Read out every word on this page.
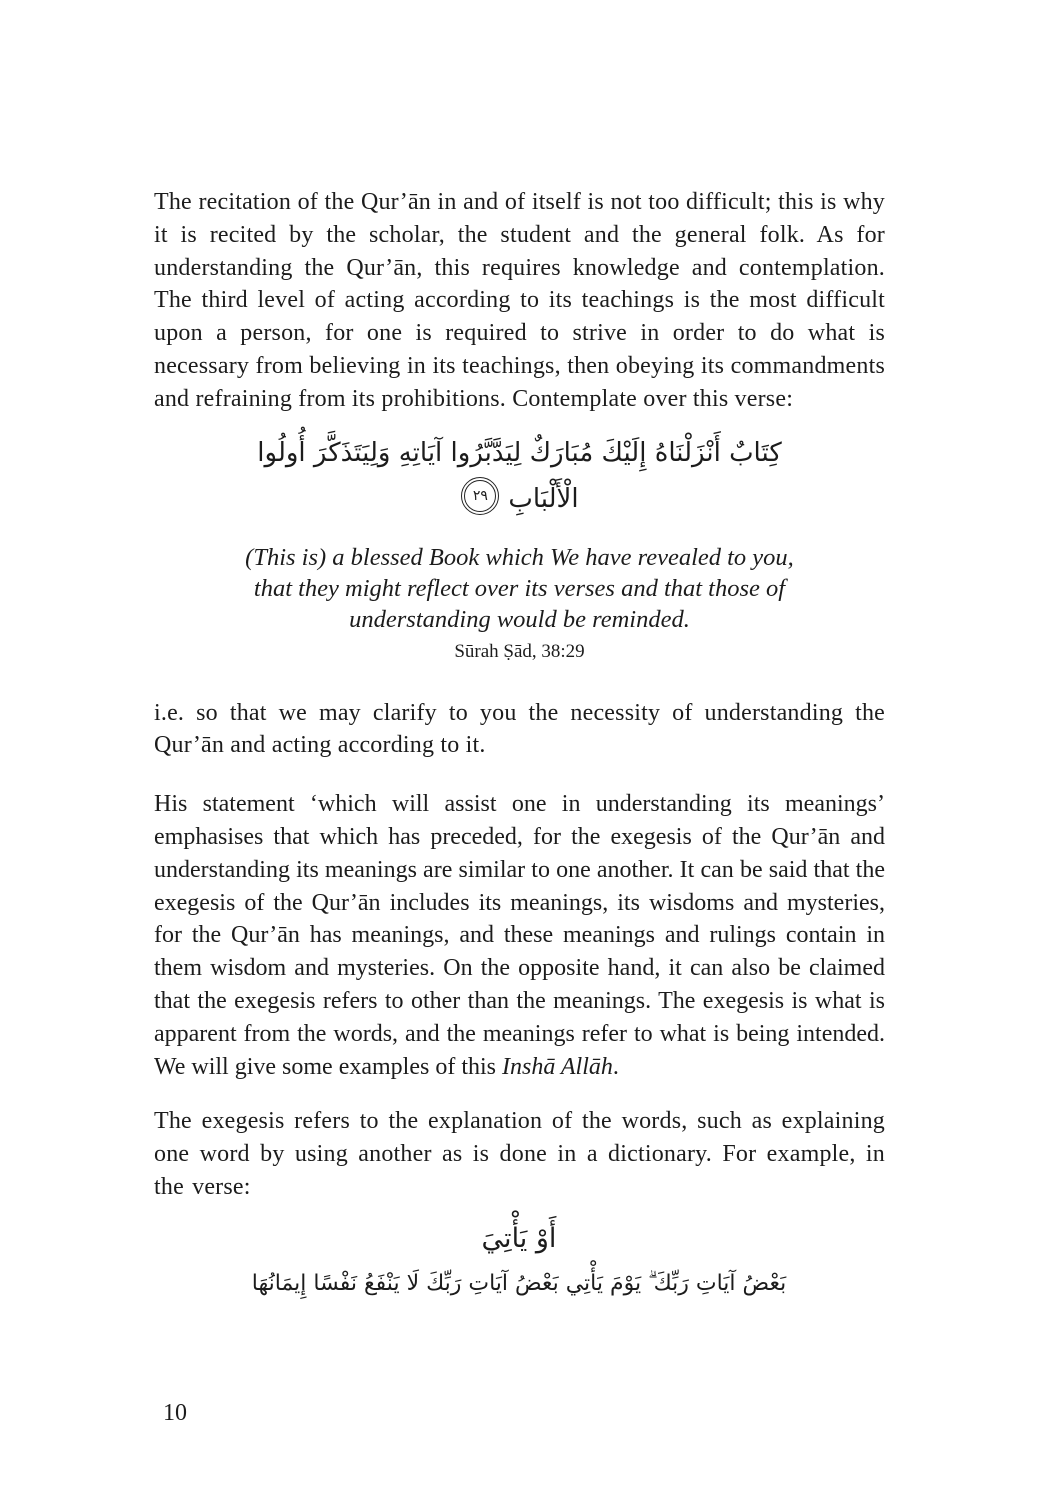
The recitation of the Qur’ān in and of itself is not too difficult; this is why it is recited by the scholar, the student and the general folk. As for understanding the Qur’ān, this requires knowledge and contemplation. The third level of acting according to its teachings is the most difficult upon a person, for one is required to strive in order to do what is necessary from believing in its teachings, then obeying its commandments and refraining from its prohibitions. Contemplate over this verse:

كِتَابٌ أَنْزَلْنَاهُ إِلَيْكَ مُبَارَكٌ لِيَدَّبَّرُوا آيَاتِهِ وَلِيَتَذَكَّرَ أُولُوا
الْأَلْبَابِ٢٩
(This is) a blessed Book which We have revealed to you,
that they might reflect over its verses and that those of
understanding would be reminded.
Sūrah Ṣād, 38:29

i.e. so that we may clarify to you the necessity of understanding the Qur’ān and acting according to it.

His statement ‘which will assist one in understanding its meanings’ emphasises that which has preceded, for the exegesis of the Qur’ān and understanding its meanings are similar to one another. It can be said that the exegesis of the Qur’ān includes its meanings, its wisdoms and mysteries, for the Qur’ān has meanings, and these meanings and rulings contain in them wisdom and mysteries. On the opposite hand, it can also be claimed that the exegesis refers to other than the meanings. The exegesis is what is apparent from the words, and the meanings refer to what is being intended. We will give some examples of this Inshā Allāh.

The exegesis refers to the explanation of the words, such as explaining one word by using another as is done in a dictionary. For example, in the verse:

أَوْ يَأْتِيَ
بَعْضُ آيَاتِ رَبِّكَ ۗ يَوْمَ يَأْتِي بَعْضُ آيَاتِ رَبِّكَ لَا يَنْفَعُ نَفْسًا إِيمَانُهَا
10
